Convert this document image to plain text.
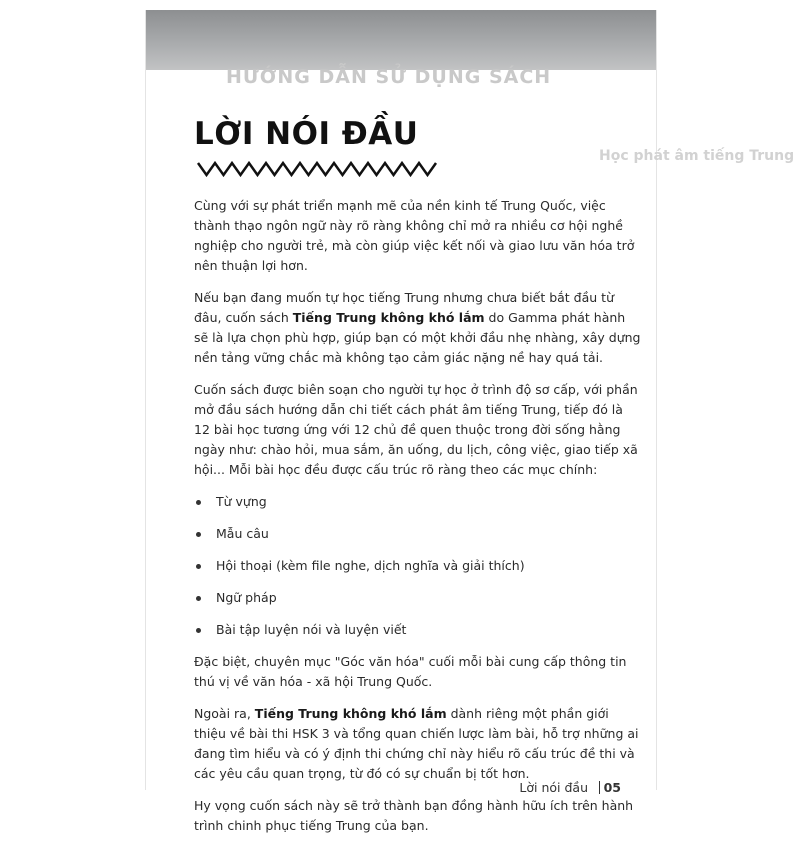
HƯỚNG DẪN SỬ DỤNG SÁCH
Học phát âm tiếng Trung
LỜI NÓI ĐẦU

Cùng với sự phát triển mạnh mẽ của nền kinh tế Trung Quốc, việc thành thạo ngôn ngữ này rõ ràng không chỉ mở ra nhiều cơ hội nghề nghiệp cho người trẻ, mà còn giúp việc kết nối và giao lưu văn hóa trở nên thuận lợi hơn.

Nếu bạn đang muốn tự học tiếng Trung nhưng chưa biết bắt đầu từ đâu, cuốn sách Tiếng Trung không khó lắm do Gamma phát hành sẽ là lựa chọn phù hợp, giúp bạn có một khởi đầu nhẹ nhàng, xây dựng nền tảng vững chắc mà không tạo cảm giác nặng nề hay quá tải.

Cuốn sách được biên soạn cho người tự học ở trình độ sơ cấp, với phần mở đầu sách hướng dẫn chi tiết cách phát âm tiếng Trung, tiếp đó là 12 bài học tương ứng với 12 chủ đề quen thuộc trong đời sống hằng ngày như: chào hỏi, mua sắm, ăn uống, du lịch, công việc, giao tiếp xã hội... Mỗi bài học đều được cấu trúc rõ ràng theo các mục chính:

Từ vựng
Mẫu câu
Hội thoại (kèm file nghe, dịch nghĩa và giải thích)
Ngữ pháp
Bài tập luyện nói và luyện viết

Đặc biệt, chuyên mục "Góc văn hóa" cuối mỗi bài cung cấp thông tin thú vị về văn hóa - xã hội Trung Quốc.

Ngoài ra, Tiếng Trung không khó lắm dành riêng một phần giới thiệu về bài thi HSK 3 và tổng quan chiến lược làm bài, hỗ trợ những ai đang tìm hiểu và có ý định thi chứng chỉ này hiểu rõ cấu trúc đề thi và các yêu cầu quan trọng, từ đó có sự chuẩn bị tốt hơn.

Hy vọng cuốn sách này sẽ trở thành bạn đồng hành hữu ích trên hành trình chinh phục tiếng Trung của bạn.

Lời nói đầu 05
